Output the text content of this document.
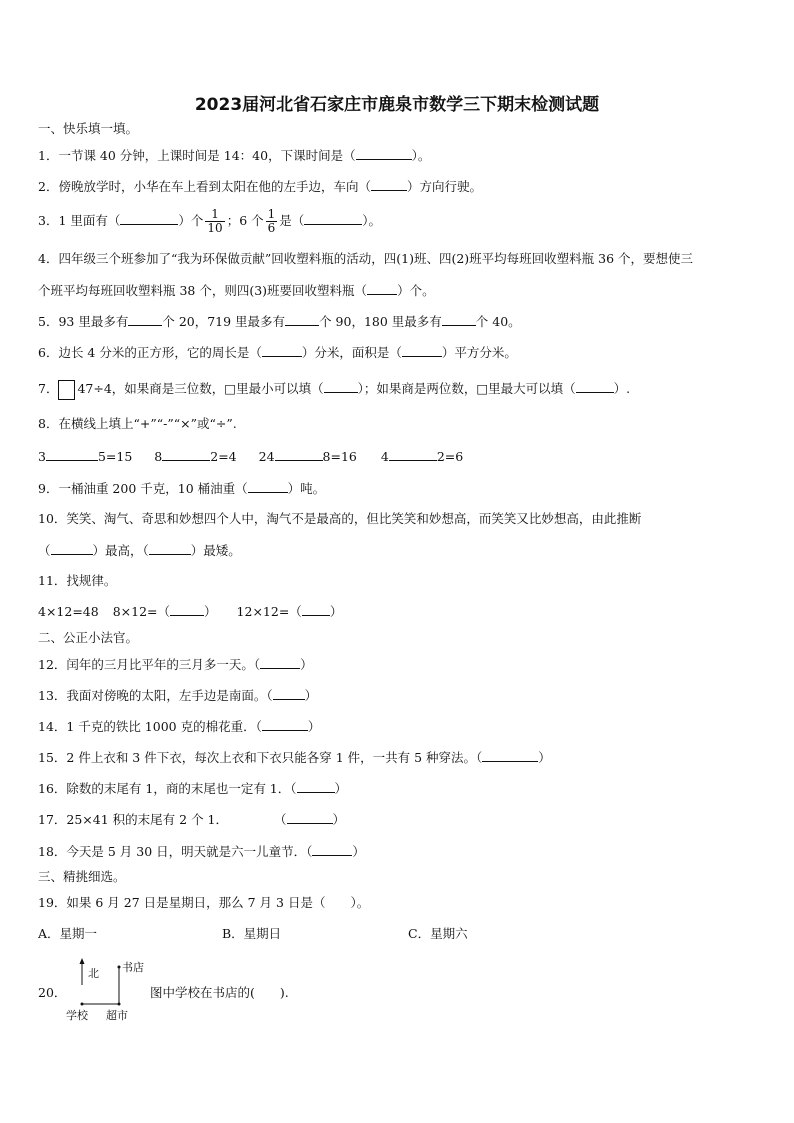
2023届河北省石家庄市鹿泉市数学三下期末检测试题
一、快乐填一填。
1．一节课 40 分钟，上课时间是 14：40，下课时间是（	）。
2．傍晚放学时，小华在车上看到太阳在他的左手边，车向（	）方向行驶。
3．1 里面有（	）个 $\frac{1}{10}$ ；6 个 $\frac{1}{6}$ 是（	）。
4．四年级三个班参加了“我为环保做贡献”回收塑料瓶的活动，四(1)班、四(2)班平均每班回收塑料瓶 36 个，要想使三
个班平均每班回收塑料瓶 38 个，则四(3)班要回收塑料瓶（ ）个。
5．93 里最多有	个 20，719 里最多有	个 90，180 里最多有	个 40。
6．边长 4 分米的正方形，它的周长是（	）分米，面积是（	）平方分米。
7． 47÷4，如果商是三位数，□里最小可以填（	）；如果商是两位数，□里最大可以填（	）.
8．在横线上填上“+”“-”“×”或“÷”.
3	5=15 8	2=4 24	8=16 4	2=6
9．一桶油重 200 千克，10 桶油重（	）吨。
10．笑笑、淘气、奇思和妙想四个人中，淘气不是最高的，但比笑笑和妙想高，而笑笑又比妙想高，由此推断
（	）最高，（	）最矮。
11．找规律。
4×12=48 8×12=（	） 12×12=（ ）
二、公正小法官。
12．闰年的三月比平年的三月多一天。（	）
13．我面对傍晚的太阳，左手边是南面。（	）
14．1 千克的铁比 1000 克的棉花重．（	）
15．2 件上衣和 3 件下衣，每次上衣和下衣只能各穿 1 件，一共有 5 种穿法。（	）
16．除数的末尾有 1，商的末尾也一定有 1．（	）
17．25×41 积的末尾有 2 个 1．	（	）
18．今天是 5 月 30 日，明天就是六一儿童节．（	）
三、精挑细选。
19．如果 6 月 27 日是星期日，那么 7 月 3 日是（　　）。
A．星期一	B．星期日	C．星期六
20．
北 书店
学校 超市
图中学校在书店的(　　).
